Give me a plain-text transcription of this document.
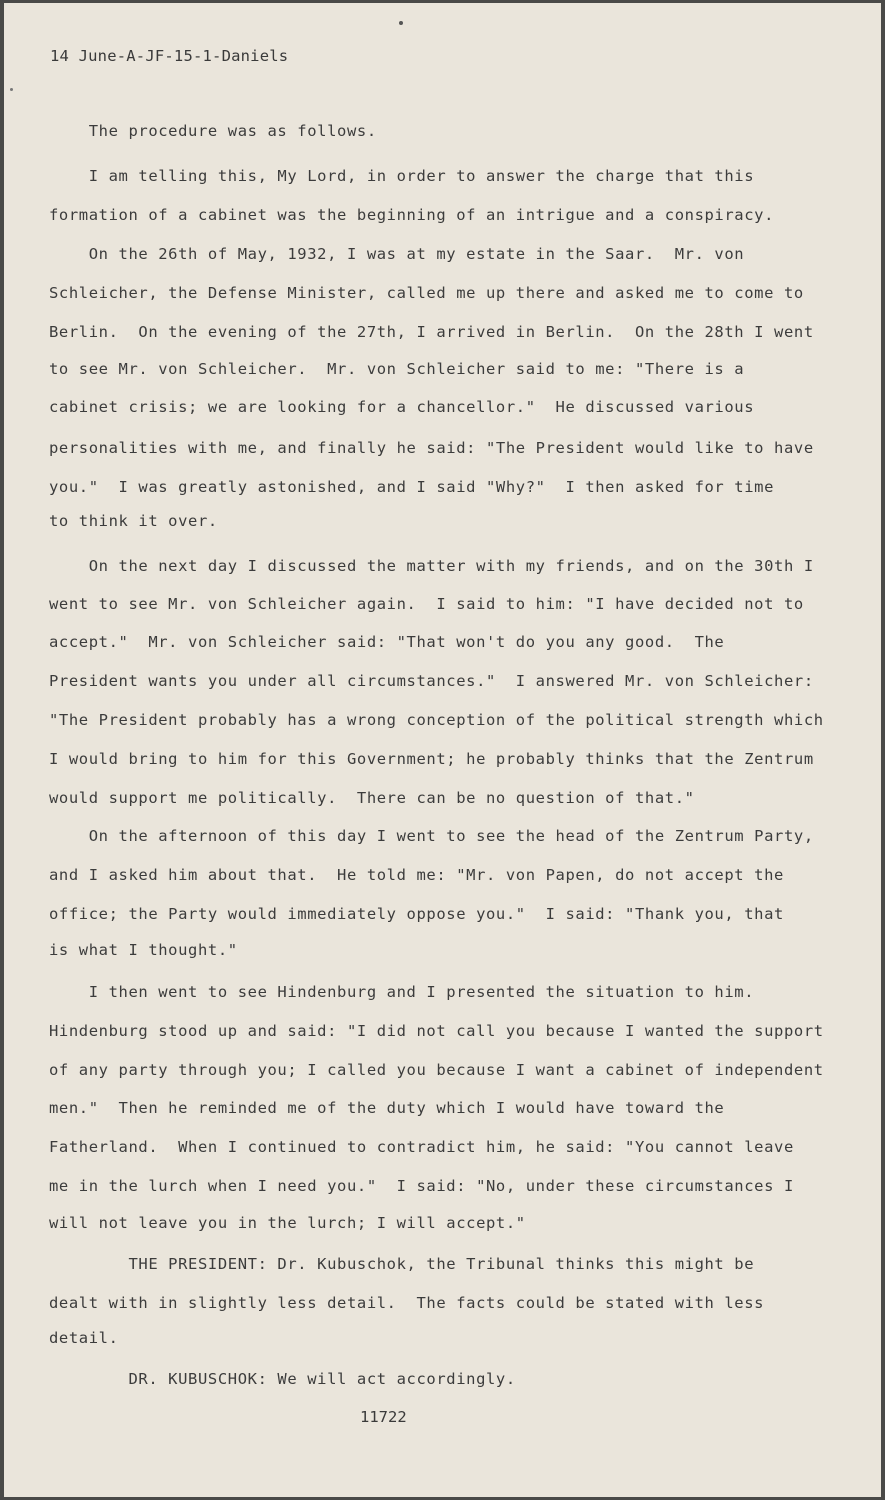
14 June-A-JF-15-1-Daniels
The procedure was as follows.
I am telling this, My Lord, in order to answer the charge that this
formation of a cabinet was the beginning of an intrigue and a conspiracy.
On the 26th of May, 1932, I was at my estate in the Saar.  Mr. von
Schleicher, the Defense Minister, called me up there and asked me to come to
Berlin.  On the evening of the 27th, I arrived in Berlin.  On the 28th I went
to see Mr. von Schleicher.  Mr. von Schleicher said to me: "There is a
cabinet crisis; we are looking for a chancellor."  He discussed various
personalities with me, and finally he said: "The President would like to have
you."  I was greatly astonished, and I said "Why?"  I then asked for time
to think it over.
On the next day I discussed the matter with my friends, and on the 30th I
went to see Mr. von Schleicher again.  I said to him: "I have decided not to
accept."  Mr. von Schleicher said: "That won't do you any good.  The
President wants you under all circumstances."  I answered Mr. von Schleicher:
"The President probably has a wrong conception of the political strength which
I would bring to him for this Government; he probably thinks that the Zentrum
would support me politically.  There can be no question of that."
On the afternoon of this day I went to see the head of the Zentrum Party,
and I asked him about that.  He told me: "Mr. von Papen, do not accept the
office; the Party would immediately oppose you."  I said: "Thank you, that
is what I thought."
I then went to see Hindenburg and I presented the situation to him.
Hindenburg stood up and said: "I did not call you because I wanted the support
of any party through you; I called you because I want a cabinet of independent
men."  Then he reminded me of the duty which I would have toward the
Fatherland.  When I continued to contradict him, he said: "You cannot leave
me in the lurch when I need you."  I said: "No, under these circumstances I
will not leave you in the lurch; I will accept."
THE PRESIDENT: Dr. Kubuschok, the Tribunal thinks this might be
dealt with in slightly less detail.  The facts could be stated with less
detail.
DR. KUBUSCHOK: We will act accordingly.
11722
